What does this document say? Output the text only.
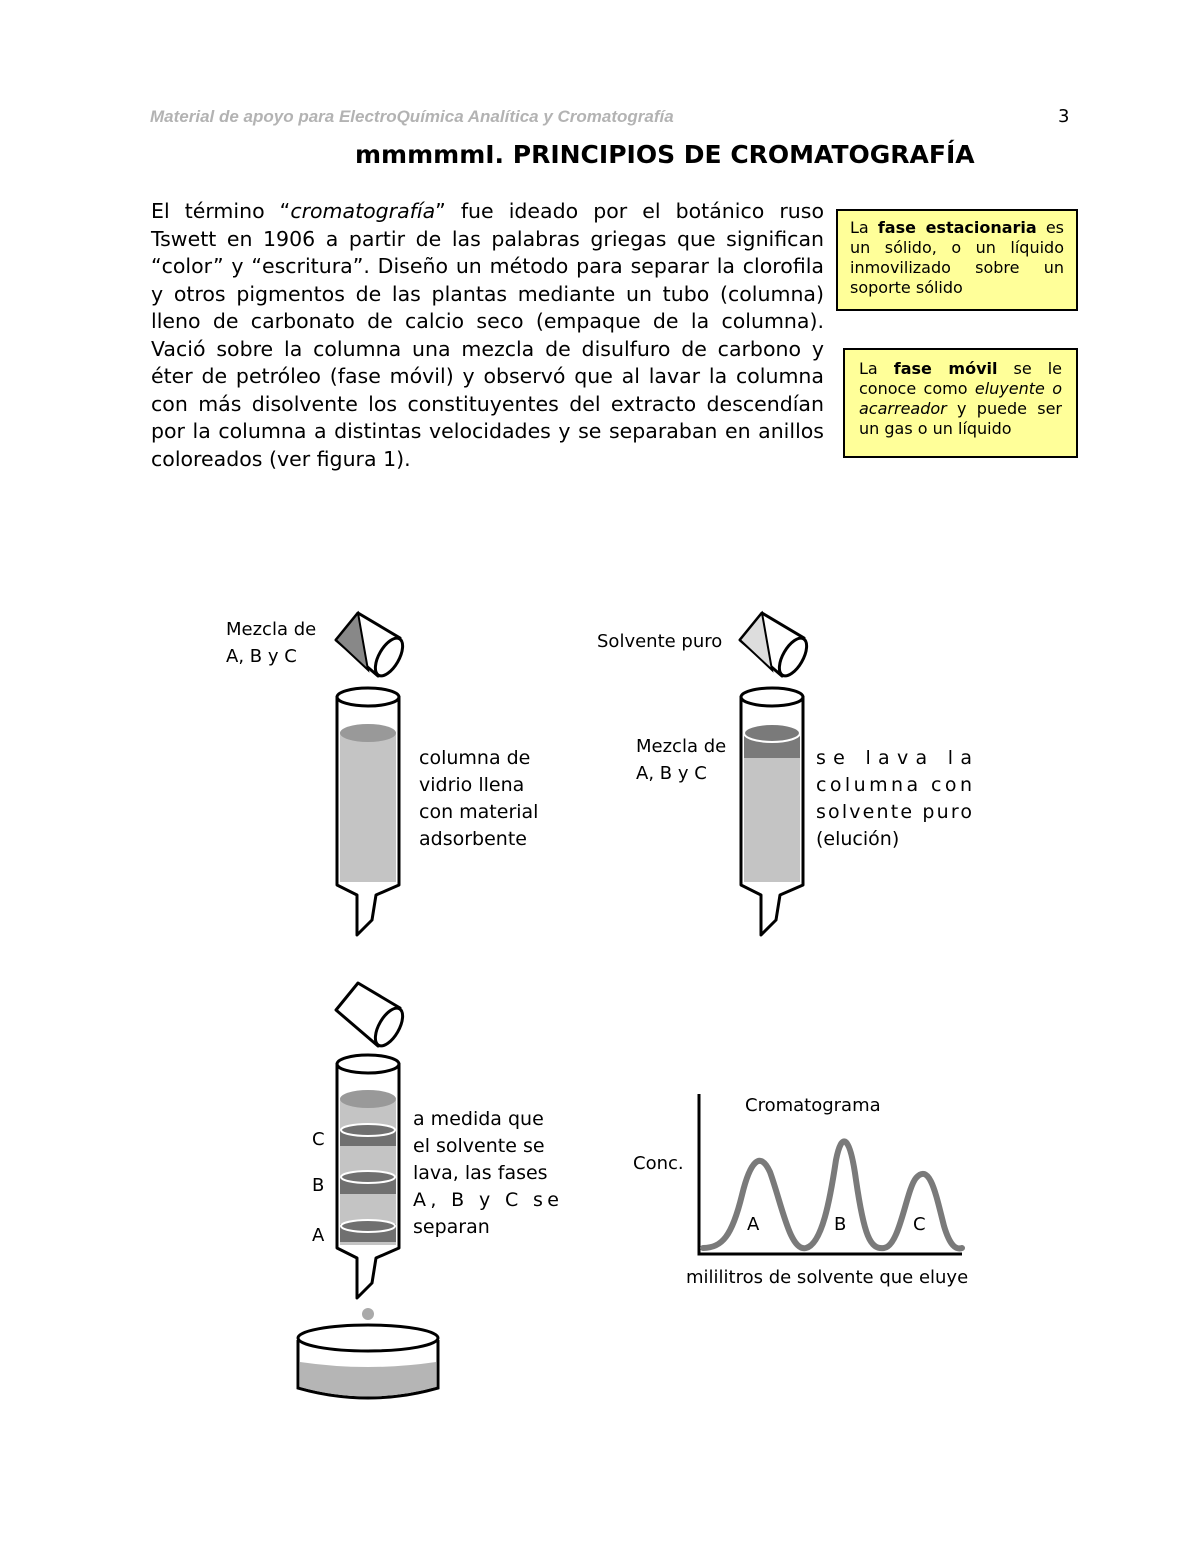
Material de apoyo para ElectroQuímica Analítica y Cromatografía	3
mmmmmI. PRINCIPIOS DE CROMATOGRAFÍA
El término “cromatografía” fue ideado por el botánico ruso Tswett en 1906 a partir de las palabras griegas que significan “color” y “escritura”. Diseño un método para separar la clorofila y otros pigmentos de las plantas mediante un tubo (columna) lleno de carbonato de calcio seco (empaque de la columna). Vació sobre la columna una mezcla de disulfuro de carbono y éter de petróleo (fase móvil) y observó que al lavar la columna con más disolvente los constituyentes del extracto descendían por la columna a distintas velocidades y se separaban en anillos coloreados (ver figura 1).
La fase estacionaria es un sólido, o un líquido inmovilizado sobre un soporte sólido
La fase móvil se le conoce como eluyente o acarreador y puede ser un gas o un líquido
Mezcla de
A, B y C
columna de
vidrio llena
con material
adsorbente
Solvente puro
Mezcla de
A, B y C
se lava la
columna con
solvente puro
(elución)
C
B
A
a medida que
el solvente se
lava, las fases
A, B y C se
separan
Cromatograma
Conc.
mililitros de solvente que eluye
A	B	C
